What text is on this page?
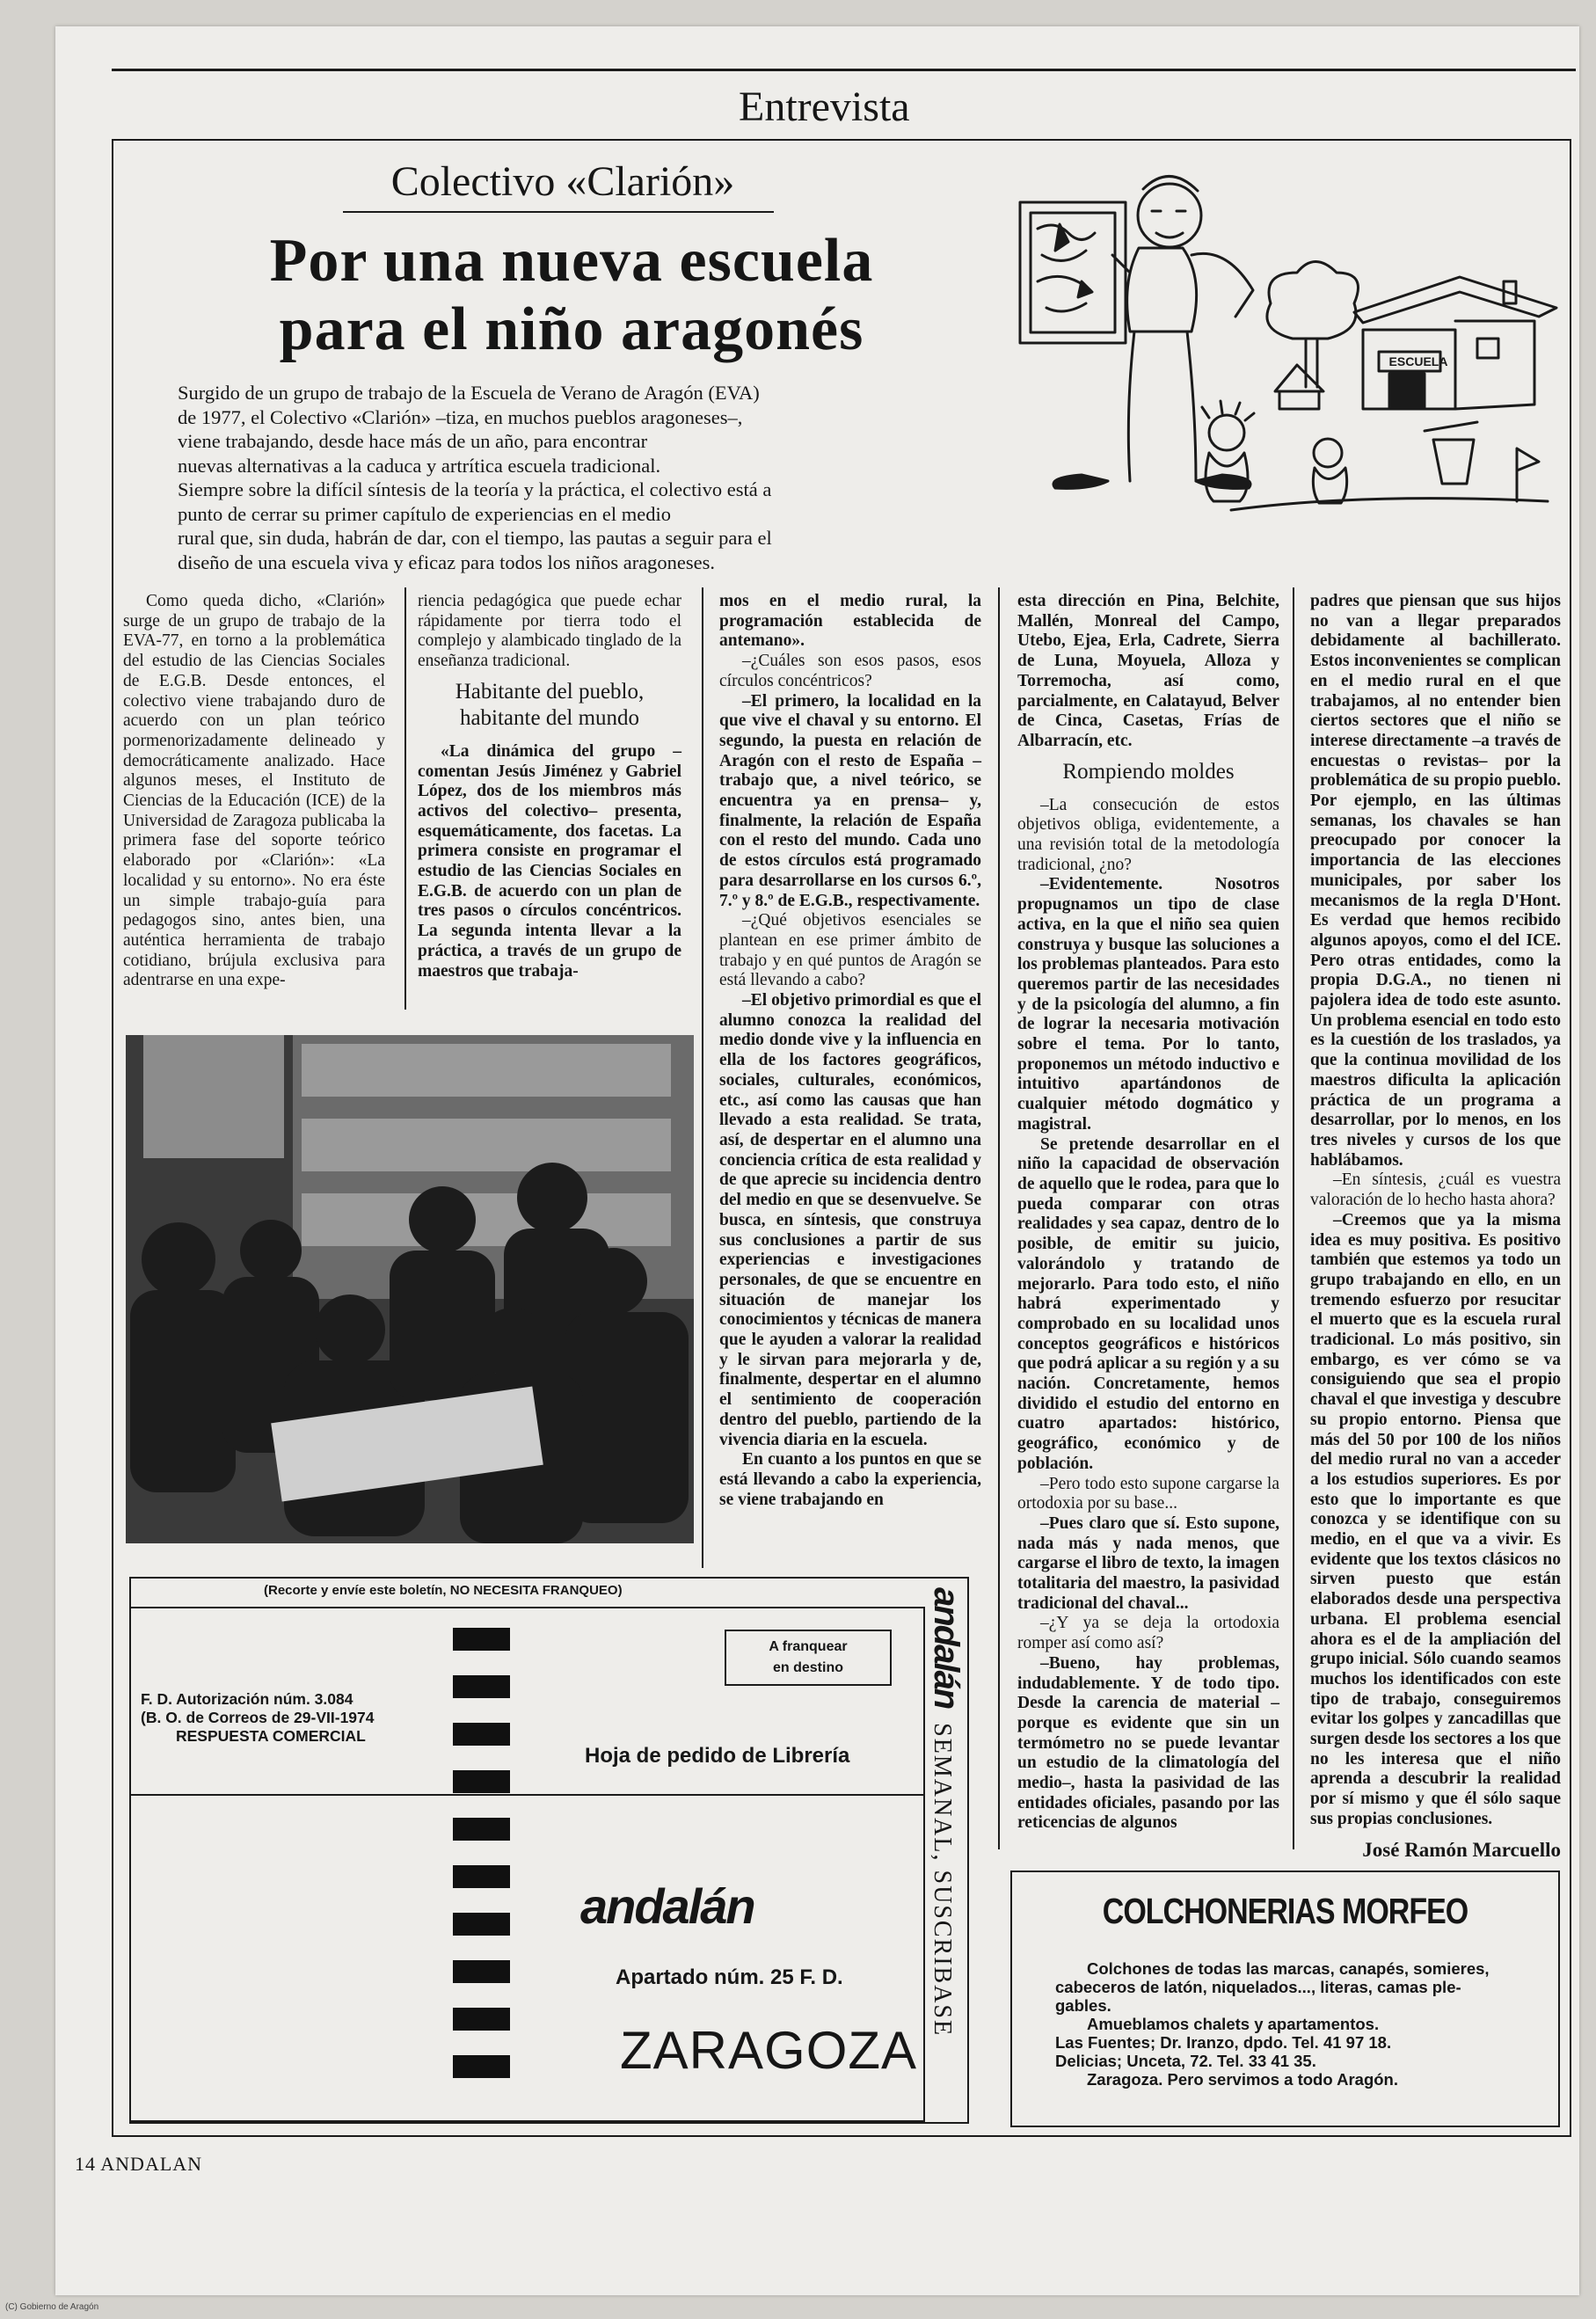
Entrevista
Colectivo «Clarión»
Por una nueva escuela
para el niño aragonés

Surgido de un grupo de trabajo de la Escuela de Verano de Aragón (EVA)

de 1977, el Colectivo «Clarión» –tiza, en muchos pueblos aragoneses–,

viene trabajando, desde hace más de un año, para encontrar

nuevas alternativas a la caduca y artrítica escuela tradicional.

Siempre sobre la difícil síntesis de la teoría y la práctica, el colectivo está a

punto de cerrar su primer capítulo de experiencias en el medio

rural que, sin duda, habrán de dar, con el tiempo, las pautas a seguir para el

diseño de una escuela viva y eficaz para todos los niños aragoneses.

ESCUELA

Como queda dicho, «Clarión» surge de un grupo de trabajo de la EVA-77, en torno a la problemática del estudio de las Ciencias Sociales de E.G.B. Desde entonces, el colectivo viene trabajando duro de acuerdo con un plan teórico pormenorizadamente delineado y democráticamente analizado. Hace algunos meses, el Instituto de Ciencias de la Educación (ICE) de la Universidad de Zaragoza publicaba la primera fase del soporte teórico elaborado por «Clarión»: «La localidad y su entorno». No era éste un simple trabajo-guía para pedagogos sino, antes bien, una auténtica herramienta de trabajo cotidiano, brújula exclusiva para adentrarse en una expe-

riencia pedagógica que puede echar rápidamente por tierra todo el complejo y alambicado tinglado de la enseñanza tradicional.

Habitante del pueblo,
habitante del mundo

«La dinámica del grupo –comentan Jesús Jiménez y Gabriel López, dos de los miembros más activos del colectivo– presenta, esquemáticamente, dos facetas. La primera consiste en programar el estudio de las Ciencias Sociales en E.G.B. de acuerdo con un plan de tres pasos o círculos concéntricos. La segunda intenta llevar a la práctica, a través de un grupo de maestros que trabaja-

mos en el medio rural, la programación establecida de antemano».

–¿Cuáles son esos pasos, esos círculos concéntricos?

–El primero, la localidad en la que vive el chaval y su entorno. El segundo, la puesta en relación de Aragón con el resto de España –trabajo que, a nivel teórico, se encuentra ya en prensa– y, finalmente, la relación de España con el resto del mundo. Cada uno de estos círculos está programado para desarrollarse en los cursos 6.º, 7.º y 8.º de E.G.B., respectivamente.

–¿Qué objetivos esenciales se plantean en ese primer ámbito de trabajo y en qué puntos de Aragón se está llevando a cabo?

–El objetivo primordial es que el alumno conozca la realidad del medio donde vive y la influencia en ella de los factores geográficos, sociales, culturales, económicos, etc., así como las causas que han llevado a esta realidad. Se trata, así, de despertar en el alumno una conciencia crítica de esta realidad y de que aprecie su incidencia dentro del medio en que se desenvuelve. Se busca, en síntesis, que construya sus conclusiones a partir de sus experiencias e investigaciones personales, de que se encuentre en situación de manejar los conocimientos y técnicas de manera que le ayuden a valorar la realidad y le sirvan para mejorarla y de, finalmente, despertar en el alumno el sentimiento de cooperación dentro del pueblo, partiendo de la vivencia diaria en la escuela.

En cuanto a los puntos en que se está llevando a cabo la experiencia, se viene trabajando en

esta dirección en Pina, Belchite, Mallén, Monreal del Campo, Utebo, Ejea, Erla, Cadrete, Sierra de Luna, Moyuela, Alloza y Torremocha, así como, parcialmente, en Calatayud, Belver de Cinca, Casetas, Frías de Albarracín, etc.

Rompiendo moldes

–La consecución de estos objetivos obliga, evidentemente, a una revisión total de la metodología tradicional, ¿no?

–Evidentemente. Nosotros propugnamos un tipo de clase activa, en la que el niño sea quien construya y busque las soluciones a los problemas planteados. Para esto queremos partir de las necesidades y de la psicología del alumno, a fin de lograr la necesaria motivación sobre el tema. Por lo tanto, proponemos un método inductivo e intuitivo apartándonos de cualquier método dogmático y magistral.

Se pretende desarrollar en el niño la capacidad de observación de aquello que le rodea, para que lo pueda comparar con otras realidades y sea capaz, dentro de lo posible, de emitir su juicio, valorándolo y tratando de mejorarlo. Para todo esto, el niño habrá experimentado y comprobado en su localidad unos conceptos geográficos e históricos que podrá aplicar a su región y a su nación. Concretamente, hemos dividido el estudio del entorno en cuatro apartados: histórico, geográfico, económico y de población.

–Pero todo esto supone cargarse la ortodoxia por su base...

–Pues claro que sí. Esto supone, nada más y nada menos, que cargarse el libro de texto, la imagen totalitaria del maestro, la pasividad tradicional del chaval...

–¿Y ya se deja la ortodoxia romper así como así?

–Bueno, hay problemas, indudablemente. Y de todo tipo. Desde la carencia de material –porque es evidente que sin un termómetro no se puede levantar un estudio de la climatología del medio–, hasta la pasividad de las entidades oficiales, pasando por las reticencias de algunos

padres que piensan que sus hijos no van a llegar preparados debidamente al bachillerato. Estos inconvenientes se complican en el medio rural en el que trabajamos, al no entender bien ciertos sectores que el niño se interese directamente –a través de encuestas o revistas– por la problemática de su propio pueblo. Por ejemplo, en las últimas semanas, los chavales se han preocupado por conocer la importancia de las elecciones municipales, por saber los mecanismos de la regla D'Hont. Es verdad que hemos recibido algunos apoyos, como el del ICE. Pero otras entidades, como la propia D.G.A., no tienen ni pajolera idea de todo este asunto. Un problema esencial en todo esto es la cuestión de los traslados, ya que la continua movilidad de los maestros dificulta la aplicación práctica de un programa a desarrollar, por lo menos, en los tres niveles y cursos de los que hablábamos.

–En síntesis, ¿cuál es vuestra valoración de lo hecho hasta ahora?

–Creemos que ya la misma idea es muy positiva. Es positivo también que estemos ya todo un grupo trabajando en ello, en un tremendo esfuerzo por resucitar el muerto que es la escuela rural tradicional. Lo más positivo, sin embargo, es ver cómo se va consiguiendo que sea el propio chaval el que investiga y descubre su propio entorno. Piensa que más del 50 por 100 de los niños del medio rural no van a acceder a los estudios superiores. Es por esto que lo importante es que conozca y se identifique con su medio, en el que va a vivir. Es evidente que los textos clásicos no sirven puesto que están elaborados desde una perspectiva urbana. El problema esencial ahora es el de la ampliación del grupo inicial. Sólo cuando seamos muchos los identificados con este tipo de trabajo, conseguiremos evitar los golpes y zancadillas que surgen desde los sectores a los que no les interesa que el niño aprenda a descubrir la realidad por sí mismo y que él sólo saque sus propias conclusiones.

José Ramón Marcuello
(Recorte y envíe este boletín, NO NECESITA FRANQUEO)
A franquear
en destino
F. D. Autorización núm. 3.084
(B. O. de Correos de 29-VII-1974
RESPUESTA COMERCIAL
Hoja de pedido de Librería
andalán
Apartado núm. 25 F. D.
ZARAGOZA
andalán SEMANAL, SUSCRIBASE	COLCHONERIAS MORFEO
Colchones de todas las marcas, canapés, somieres,
cabeceros de latón, niquelados..., literas, camas ple-
gables.
Amueblamos chalets y apartamentos.
Las Fuentes; Dr. Iranzo, dpdo. Tel. 41 97 18.
Delicias; Unceta, 72. Tel. 33 41 35.
Zaragoza. Pero servimos a todo Aragón.
14 ANDALAN
(C) Gobierno de Aragón
